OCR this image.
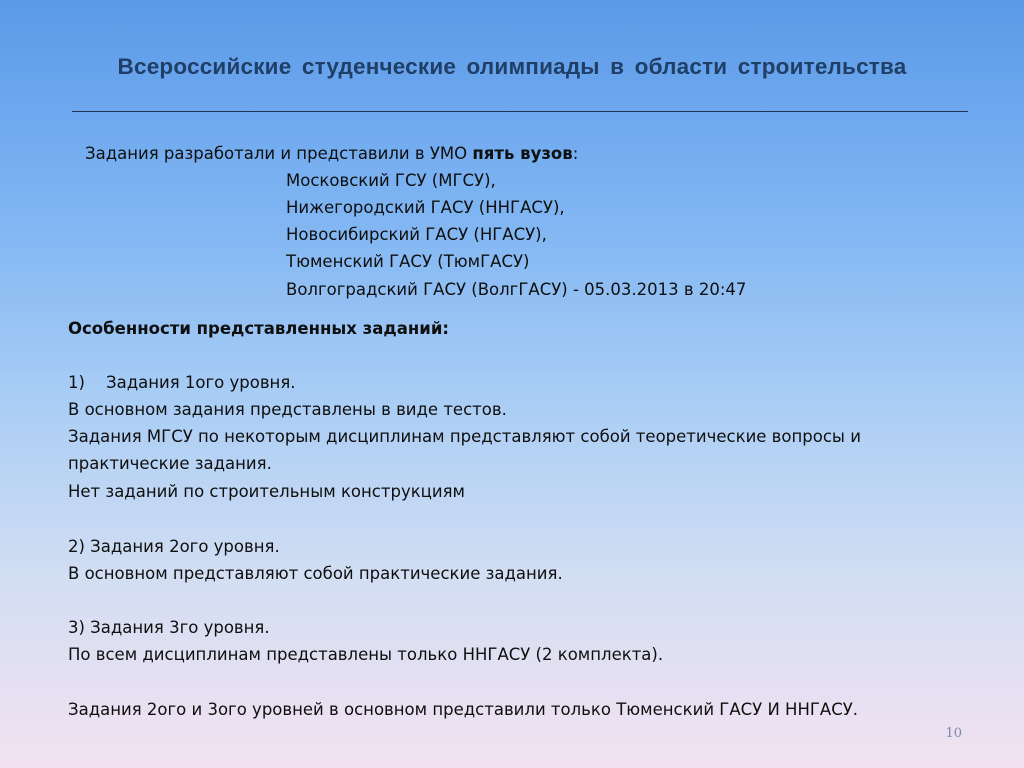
Всероссийские студенческие олимпиады в области строительства
Задания разработали и представили в УМО пять вузов:
Московский ГСУ (МГСУ),
Нижегородский ГАСУ (ННГАСУ),
Новосибирский ГАСУ (НГАСУ),
Тюменский ГАСУ (ТюмГАСУ)
Волгоградский ГАСУ (ВолгГАСУ) - 05.03.2013 в 20:47
Особенности представленных заданий:
1) Задания 1ого уровня.
В основном задания представлены в виде тестов.
Задания МГСУ по некоторым дисциплинам представляют собой теоретические вопросы и
практические задания.
Нет заданий по строительным конструкциям
2) Задания 2ого уровня.
В основном представляют собой практические задания.
3) Задания 3го уровня.
По всем дисциплинам представлены только ННГАСУ (2 комплекта).
Задания 2ого и 3ого уровней в основном представили только Тюменский ГАСУ И ННГАСУ.
10
